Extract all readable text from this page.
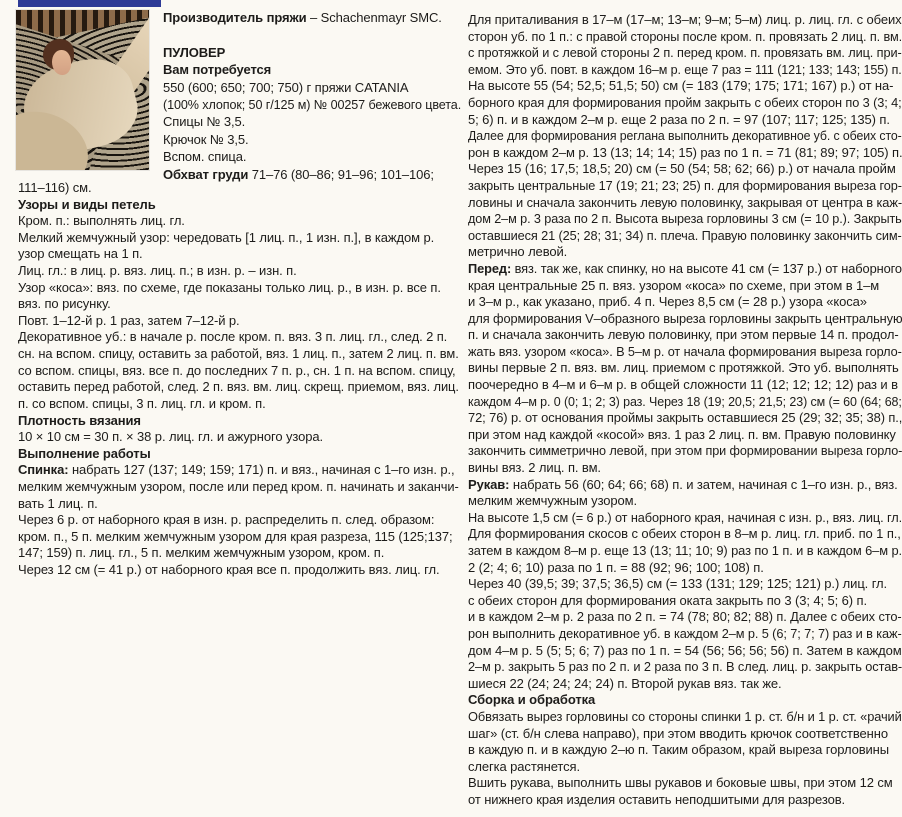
Производитель пряжи – Schachenmayr SMC.

ПУЛОВЕР
Вам потребуется
550 (600; 650; 700; 750) г пряжи CATANIA
(100% хлопок; 50 г/125 м) № 00257 бежевого цвета.
Спицы № 3,5.
Крючок № 3,5.
Вспом. спица.
Обхват груди 71–76 (80–86; 91–96; 101–106;
111–116) см.
Узоры и виды петель
Кром. п.: выполнять лиц. гл.
Мелкий жемчужный узор: чередовать [1 лиц. п., 1 изн. п.], в каждом р.
узор смещать на 1 п.
Лиц. гл.: в лиц. р. вяз. лиц. п.; в изн. р. – изн. п.
Узор «коса»: вяз. по схеме, где показаны только лиц. р., в изн. р. все п.
вяз. по рисунку.
Повт. 1–12-й р. 1 раз, затем 7–12-й р.
Декоративное уб.: в начале р. после кром. п. вяз. 3 п. лиц. гл., след. 2 п.
сн. на вспом. спицу, оставить за работой, вяз. 1 лиц. п., затем 2 лиц. п. вм.
со вспом. спицы, вяз. все п. до последних 7 п. р., сн. 1 п. на вспом. спицу,
оставить перед работой, след. 2 п. вяз. вм. лиц. скрещ. приемом, вяз. лиц.
п. со вспом. спицы, 3 п. лиц. гл. и кром. п.
Плотность вязания
10 × 10 см = 30 п. × 38 р. лиц. гл. и ажурного узора.
Выполнение работы
Спинка: набрать 127 (137; 149; 159; 171) п. и вяз., начиная с 1–го изн. р.,
мелким жемчужным узором, после или перед кром. п. начинать и заканчи-
вать 1 лиц. п.
Через 6 р. от наборного края в изн. р. распределить п. след. образом:
кром. п., 5 п. мелким жемчужным узором для края разреза, 115 (125;137;
147; 159) п. лиц. гл., 5 п. мелким жемчужным узором, кром. п.
Через 12 см (= 41 р.) от наборного края все п. продолжить вяз. лиц. гл.
Для приталивания в 17–м (17–м; 13–м; 9–м; 5–м) лиц. р. лиц. гл. с обеих
сторон уб. по 1 п.: с правой стороны после кром. п. провязать 2 лиц. п. вм.
с протяжкой и с левой стороны 2 п. перед кром. п. провязать вм. лиц. при-
емом. Это уб. повт. в каждом 16–м р. еще 7 раз = 111 (121; 133; 143; 155) п.
На высоте 55 (54; 52,5; 51,5; 50) см (= 183 (179; 175; 171; 167) р.) от на-
борного края для формирования пройм закрыть с обеих сторон по 3 (3; 4;
5; 6) п. и в каждом 2–м р. еще 2 раза по 2 п. = 97 (107; 117; 125; 135) п.
Далее для формирования реглана выполнить декоративное уб. с обеих сто-
рон в каждом 2–м р. 13 (13; 14; 14; 15) раз по 1 п. = 71 (81; 89; 97; 105) п.
Через 15 (16; 17,5; 18,5; 20) см (= 50 (54; 58; 62; 66) р.) от начала пройм
закрыть центральные 17 (19; 21; 23; 25) п. для формирования выреза гор-
ловины и сначала закончить левую половинку, закрывая от центра в каж-
дом 2–м р. 3 раза по 2 п. Высота выреза горловины 3 см (= 10 р.). Закрыть
оставшиеся 21 (25; 28; 31; 34) п. плеча. Правую половинку закончить сим-
метрично левой.
Перед: вяз. так же, как спинку, но на высоте 41 см (= 137 р.) от наборного
края центральные 25 п. вяз. узором «коса» по схеме, при этом в 1–м
и 3–м р., как указано, приб. 4 п. Через 8,5 см (= 28 р.) узора «коса»
для формирования V–образного выреза горловины закрыть центральную
п. и сначала закончить левую половинку, при этом первые 14 п. продол-
жать вяз. узором «коса». В 5–м р. от начала формирования выреза горло-
вины первые 2 п. вяз. вм. лиц. приемом с протяжкой. Это уб. выполнять
поочередно в 4–м и 6–м р. в общей сложности 11 (12; 12; 12; 12) раз и в
каждом 4–м р. 0 (0; 1; 2; 3) раз. Через 18 (19; 20,5; 21,5; 23) см (= 60 (64; 68;
72; 76) р. от основания проймы закрыть оставшиеся 25 (29; 32; 35; 38) п.,
при этом над каждой «косой» вяз. 1 раз 2 лиц. п. вм. Правую половинку
закончить симметрично левой, при этом при формировании выреза горло-
вины вяз. 2 лиц. п. вм.
Рукав: набрать 56 (60; 64; 66; 68) п. и затем, начиная с 1–го изн. р., вяз.
мелким жемчужным узором.
На высоте 1,5 см (= 6 р.) от наборного края, начиная с изн. р., вяз. лиц. гл.
Для формирования скосов с обеих сторон в 8–м р. лиц. гл. приб. по 1 п.,
затем в каждом 8–м р. еще 13 (13; 11; 10; 9) раз по 1 п. и в каждом 6–м р.
2 (2; 4; 6; 10) раза по 1 п. = 88 (92; 96; 100; 108) п.
Через 40 (39,5; 39; 37,5; 36,5) см (= 133 (131; 129; 125; 121) р.) лиц. гл.
с обеих сторон для формирования оката закрыть по 3 (3; 4; 5; 6) п.
и в каждом 2–м р. 2 раза по 2 п. = 74 (78; 80; 82; 88) п. Далее с обеих сто-
рон выполнить декоративное уб. в каждом 2–м р. 5 (6; 7; 7; 7) раз и в каж-
дом 4–м р. 5 (5; 5; 6; 7) раз по 1 п. = 54 (56; 56; 56; 56) п. Затем в каждом
2–м р. закрыть 5 раз по 2 п. и 2 раза по 3 п. В след. лиц. р. закрыть остав-
шиеся 22 (24; 24; 24; 24) п. Второй рукав вяз. так же.
Сборка и обработка
Обвязать вырез горловины со стороны спинки 1 р. ст. б/н и 1 р. ст. «рачий
шаг» (ст. б/н слева направо), при этом вводить крючок соответственно
в каждую п. и в каждую 2–ю п. Таким образом, край выреза горловины
слегка растянется.
Вшить рукава, выполнить швы рукавов и боковые швы, при этом 12 см
от нижнего края изделия оставить неподшитыми для разрезов.
